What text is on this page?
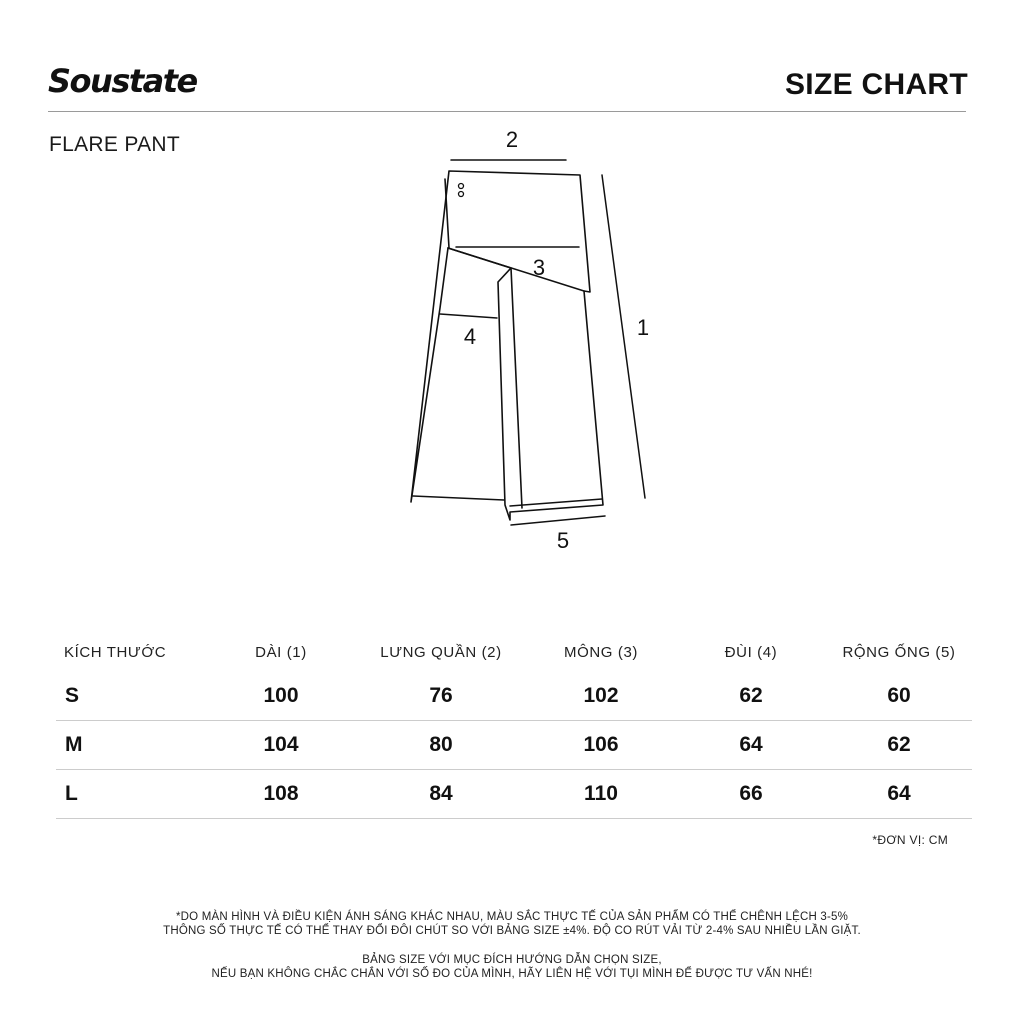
Soustate	SIZE CHART
FLARE PANT	2
3
4	1
5
KÍCH THƯỚC	DÀI (1)	LƯNG QUẦN (2)	MÔNG (3)	ĐÙI (4)	RỘNG ỐNG (5)
S	100	76	102	62	60
M	104	80	106	64	62
L	108	84	110	66	64
*ĐƠN VỊ: CM
*DO MÀN HÌNH VÀ ĐIỀU KIỆN ÁNH SÁNG KHÁC NHAU, MÀU SẮC THỰC TẾ CỦA SẢN PHẨM CÓ THỂ CHÊNH LỆCH 3-5%
THÔNG SỐ THỰC TẾ CÓ THỂ THAY ĐỔI ĐÔI CHÚT SO VỚI BẢNG SIZE ±4%. ĐỘ CO RÚT VẢI TỪ 2-4% SAU NHIỀU LẦN GIẶT.
BẢNG SIZE VỚI MỤC ĐÍCH HƯỚNG DẪN CHỌN SIZE,
NẾU BẠN KHÔNG CHẮC CHẮN VỚI SỐ ĐO CỦA MÌNH, HÃY LIÊN HỆ VỚI TỤI MÌNH ĐỂ ĐƯỢC TƯ VẤN NHÉ!
